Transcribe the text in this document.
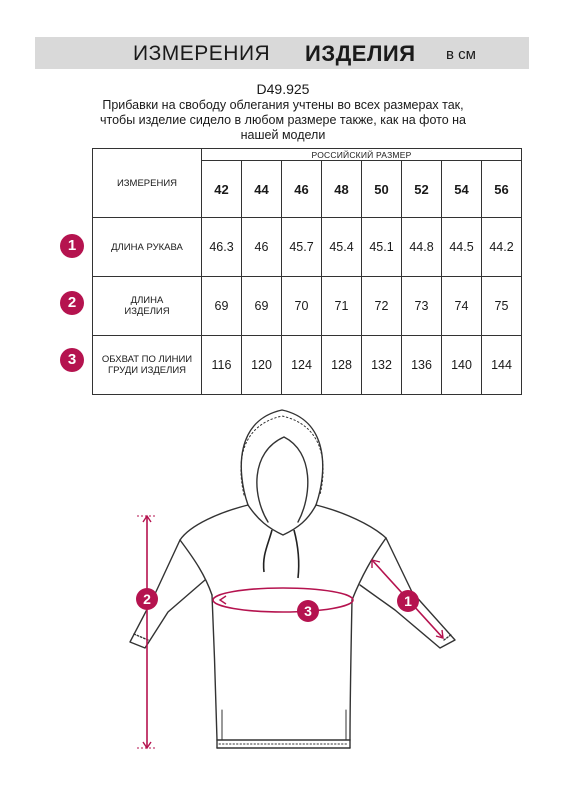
ИЗМЕРЕНИЯ ИЗДЕЛИЯ в см
D49.925
Прибавки на свободу облегания учтены во всех размерах так, чтобы изделие сидело в любом размере также, как на фото на нашей модели
ИЗМЕРЕНИЯ	РОССИЙСКИЙ РАЗМЕР							
	42	44	46	48	50	52	54	56
ДЛИНА РУКАВА	46.3	46	45.7	45.4	45.1	44.8	44.5	44.2
ДЛИНА ИЗДЕЛИЯ	69	69	70	71	72	73	74	75
ОБХВАТ ПО ЛИНИИ ГРУДИ ИЗДЕЛИЯ	116	120	124	128	132	136	140	144
1
2
3
2
3
1
